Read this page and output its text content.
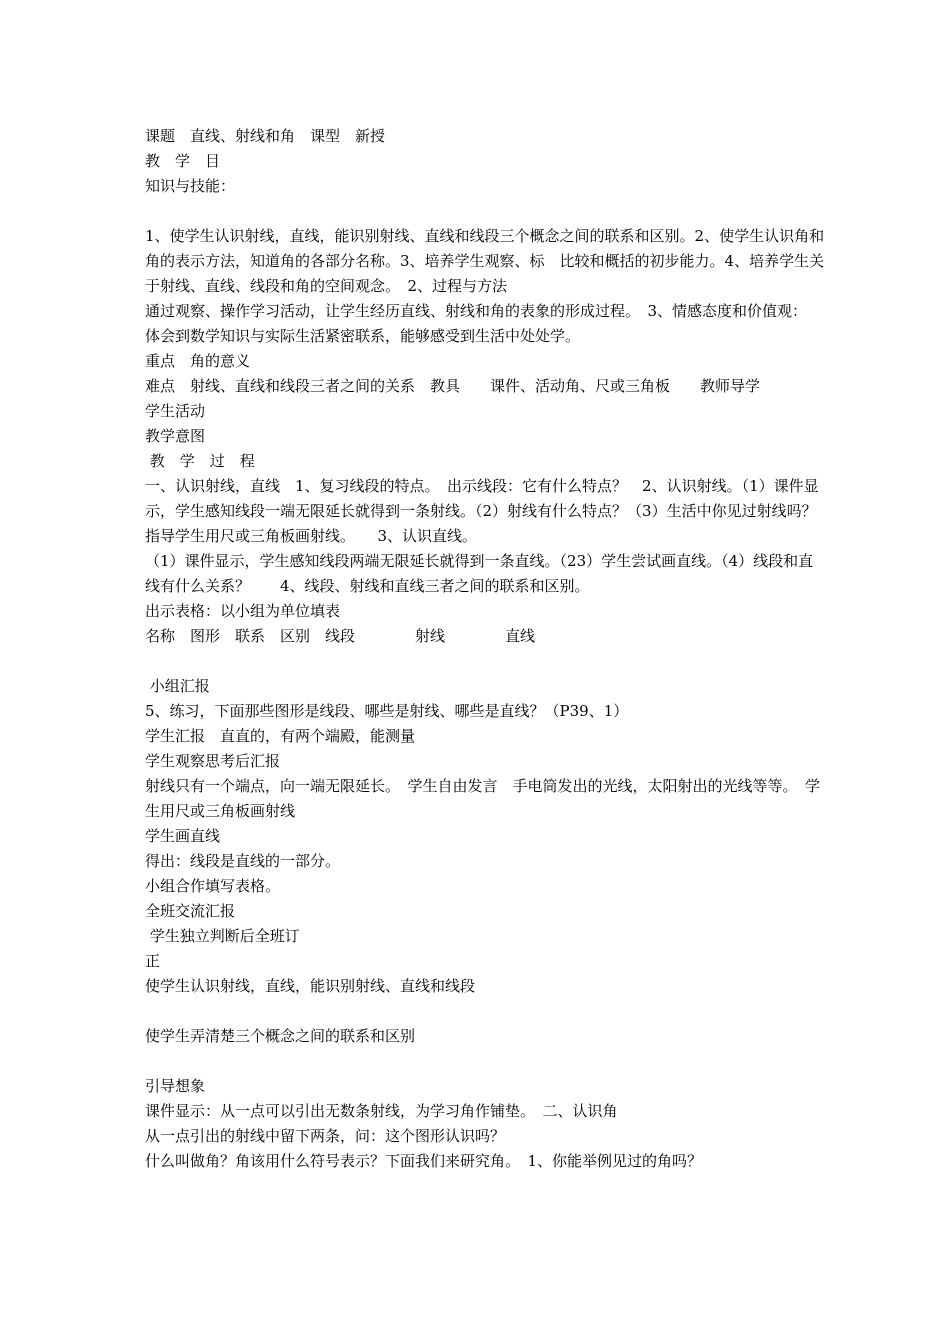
课题　直线、射线和角　课型　新授

教　学　目

知识与技能：

1、使学生认识射线，直线，能识别射线、直线和线段三个概念之间的联系和区别。2、使学生认识角和角的表示方法，知道角的各部分名称。3、培养学生观察、标　比较和概括的初步能力。4、培养学生关于射线、直线、线段和角的空间观念。　2、过程与方法

通过观察、操作学习活动，让学生经历直线、射线和角的表象的形成过程。　3、情感态度和价值观：

体会到数学知识与实际生活紧密联系，能够感受到生活中处处学。

重点　角的意义

难点　射线、直线和线段三者之间的关系　教具　　课件、活动角、尺或三角板　　教师导学

学生活动

教学意图

教　学　过　程

一、认识射线，直线　1、复习线段的特点。　出示线段：它有什么特点？　2、认识射线。（1）课件显示，学生感知线段一端无限延长就得到一条射线。（2）射线有什么特点？（3）生活中你见过射线吗？　指导学生用尺或三角板画射线。　　3、认识直线。

（1）课件显示，学生感知线段两端无限延长就得到一条直线。（23）学生尝试画直线。（4）线段和直线有什么关系？　　4、线段、射线和直线三者之间的联系和区别。

出示表格：以小组为单位填表

名称　图形　联系　区别　线段　　　　射线　　　　直线

小组汇报

5、练习，下面那些图形是线段、哪些是射线、哪些是直线？（P39、1）

学生汇报　直直的，有两个端殿，能测量

学生观察思考后汇报

射线只有一个端点，向一端无限延长。　学生自由发言　手电筒发出的光线，太阳射出的光线等等。　学生用尺或三角板画射线

学生画直线

得出：线段是直线的一部分。

小组合作填写表格。

全班交流汇报

学生独立判断后全班订

正

使学生认识射线，直线，能识别射线、直线和线段

使学生弄清楚三个概念之间的联系和区别

引导想象

课件显示：从一点可以引出无数条射线，为学习角作铺垫。　二、认识角

从一点引出的射线中留下两条，问：这个图形认识吗？

什么叫做角？角该用什么符号表示？下面我们来研究角。　1、你能举例见过的角吗？
